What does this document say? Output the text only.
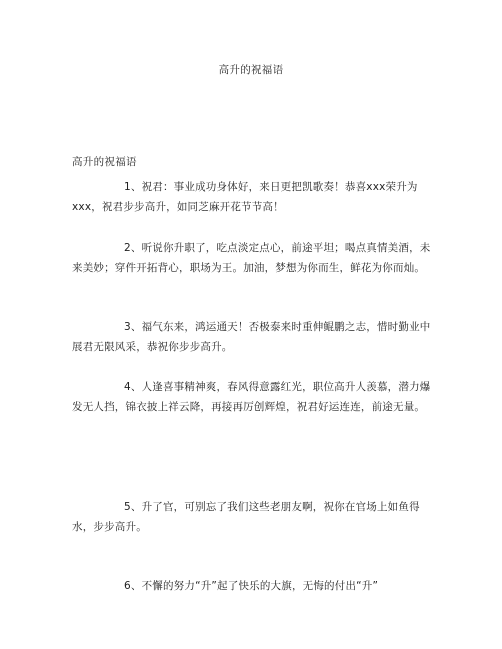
高升的祝福语
高升的祝福语

1、祝君：事业成功身体好，来日更把凯歌奏！恭喜xxx荣升为xxx，祝君步步高升，如同芝麻开花节节高！

2、听说你升职了，吃点淡定点心，前途平坦；喝点真情美酒，未来美妙；穿件开拓背心，职场为王。加油，梦想为你而生，鲜花为你而灿。

3、福气东来，鸿运通天！否极泰来时重伸鲲鹏之志，惜时勤业中展君无限风采，恭祝你步步高升。

4、人逢喜事精神爽，春风得意露红光，职位高升人羡慕，潜力爆发无人挡，锦衣披上祥云降，再接再厉创辉煌，祝君好运连连，前途无量。

5、升了官，可别忘了我们这些老朋友啊，祝你在官场上如鱼得水，步步高升。

6、不懈的努力“升”起了快乐的大旗，无悔的付出“升”
